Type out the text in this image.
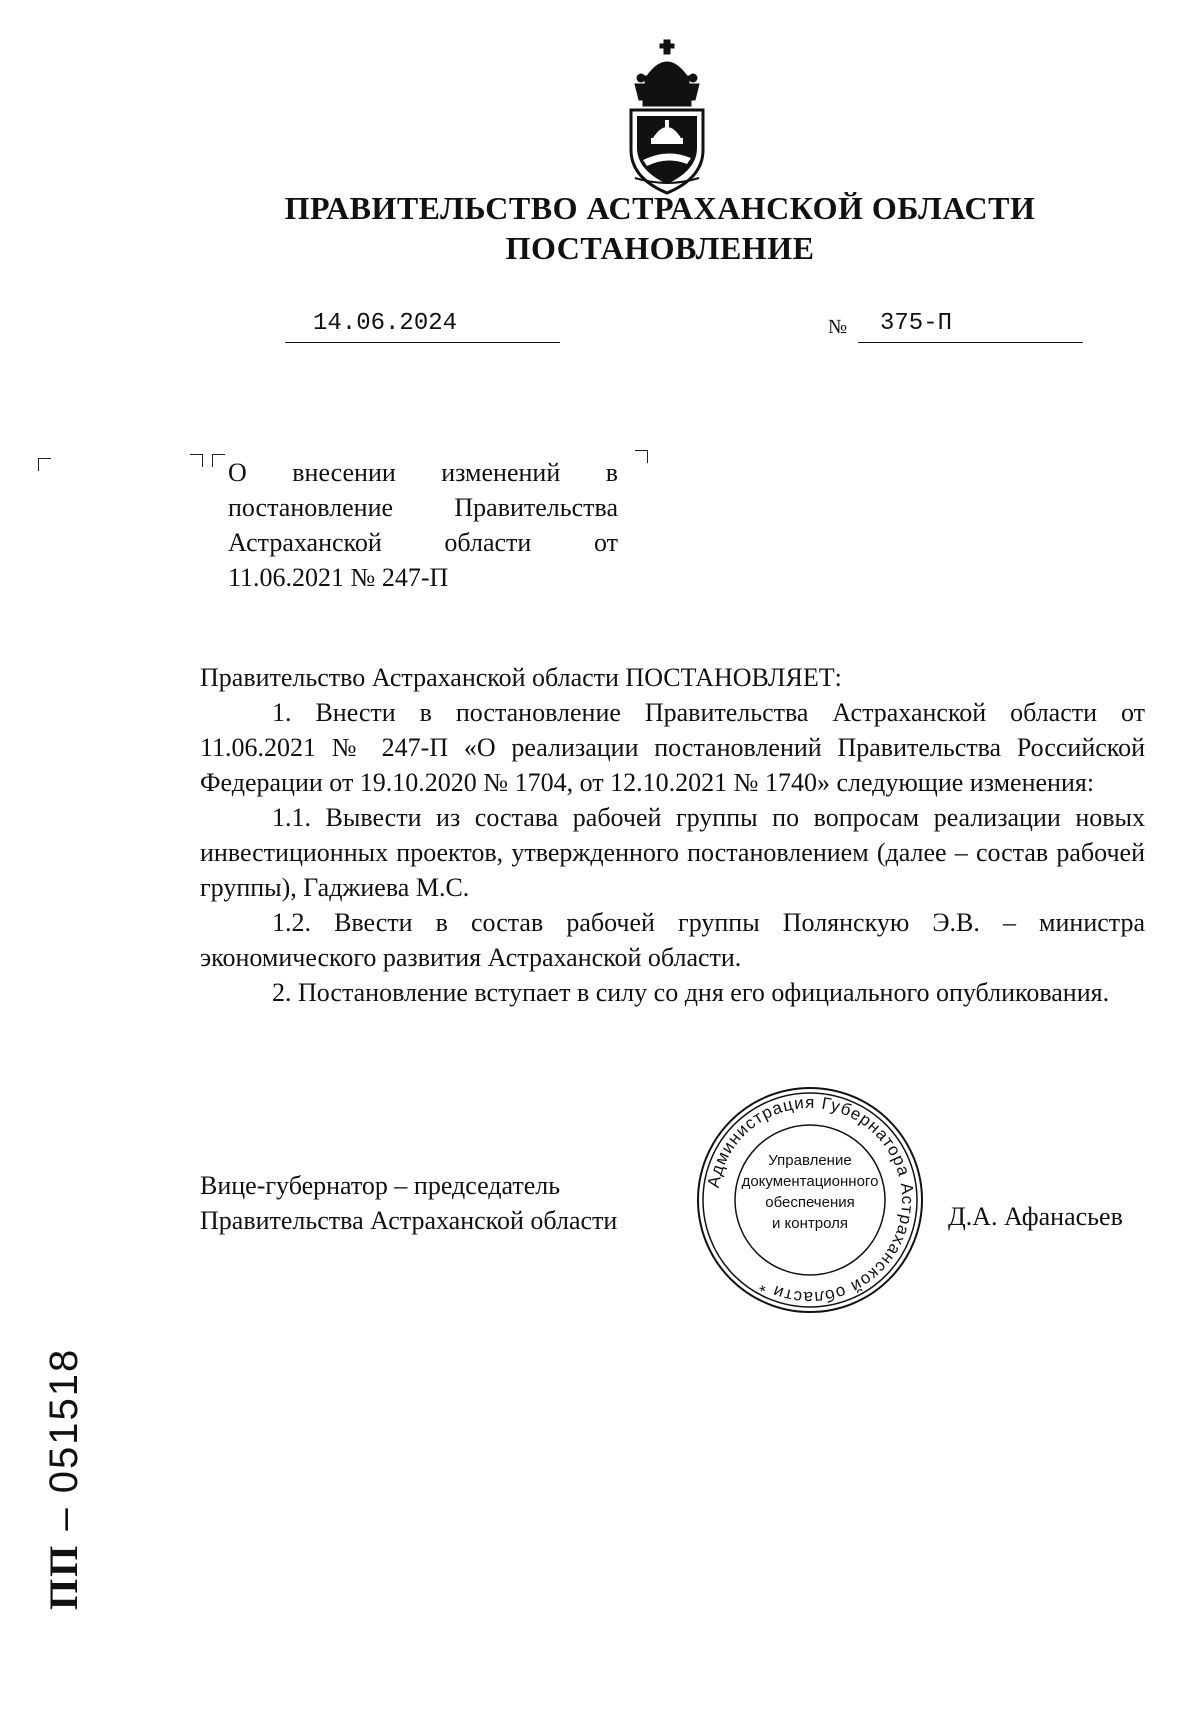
ПРАВИТЕЛЬСТВО АСТРАХАНСКОЙ ОБЛАСТИ
ПОСТАНОВЛЕНИЕ
14.06.2024	№ 375-П
О внесении изменений в
постановление Правительства
Астраханской области от
11.06.2021 № 247-П
Правительство Астраханской области ПОСТАНОВЛЯЕТ:

1. Внести в постановление Правительства Астраханской области от 11.06.2021 № 247-П «О реализации постановлений Правительства Российской Федерации от 19.10.2020 № 1704, от 12.10.2021 № 1740» следующие изменения:

1.1. Вывести из состава рабочей группы по вопросам реализации новых инвестиционных проектов, утвержденного постановлением (далее – состав рабочей группы), Гаджиева М.С.

1.2. Ввести в состав рабочей группы Полянскую Э.В. – министра экономического развития Астраханской области.

2. Постановление вступает в силу со дня его официального опубликования.

Вице-губернатор – председатель
Правительства Астраханской области	Д.А. Афанасьев
Администрация Губернатора Астраханской области *
Управление
документационного
обеспечения
и контроля
ПП – 051518
